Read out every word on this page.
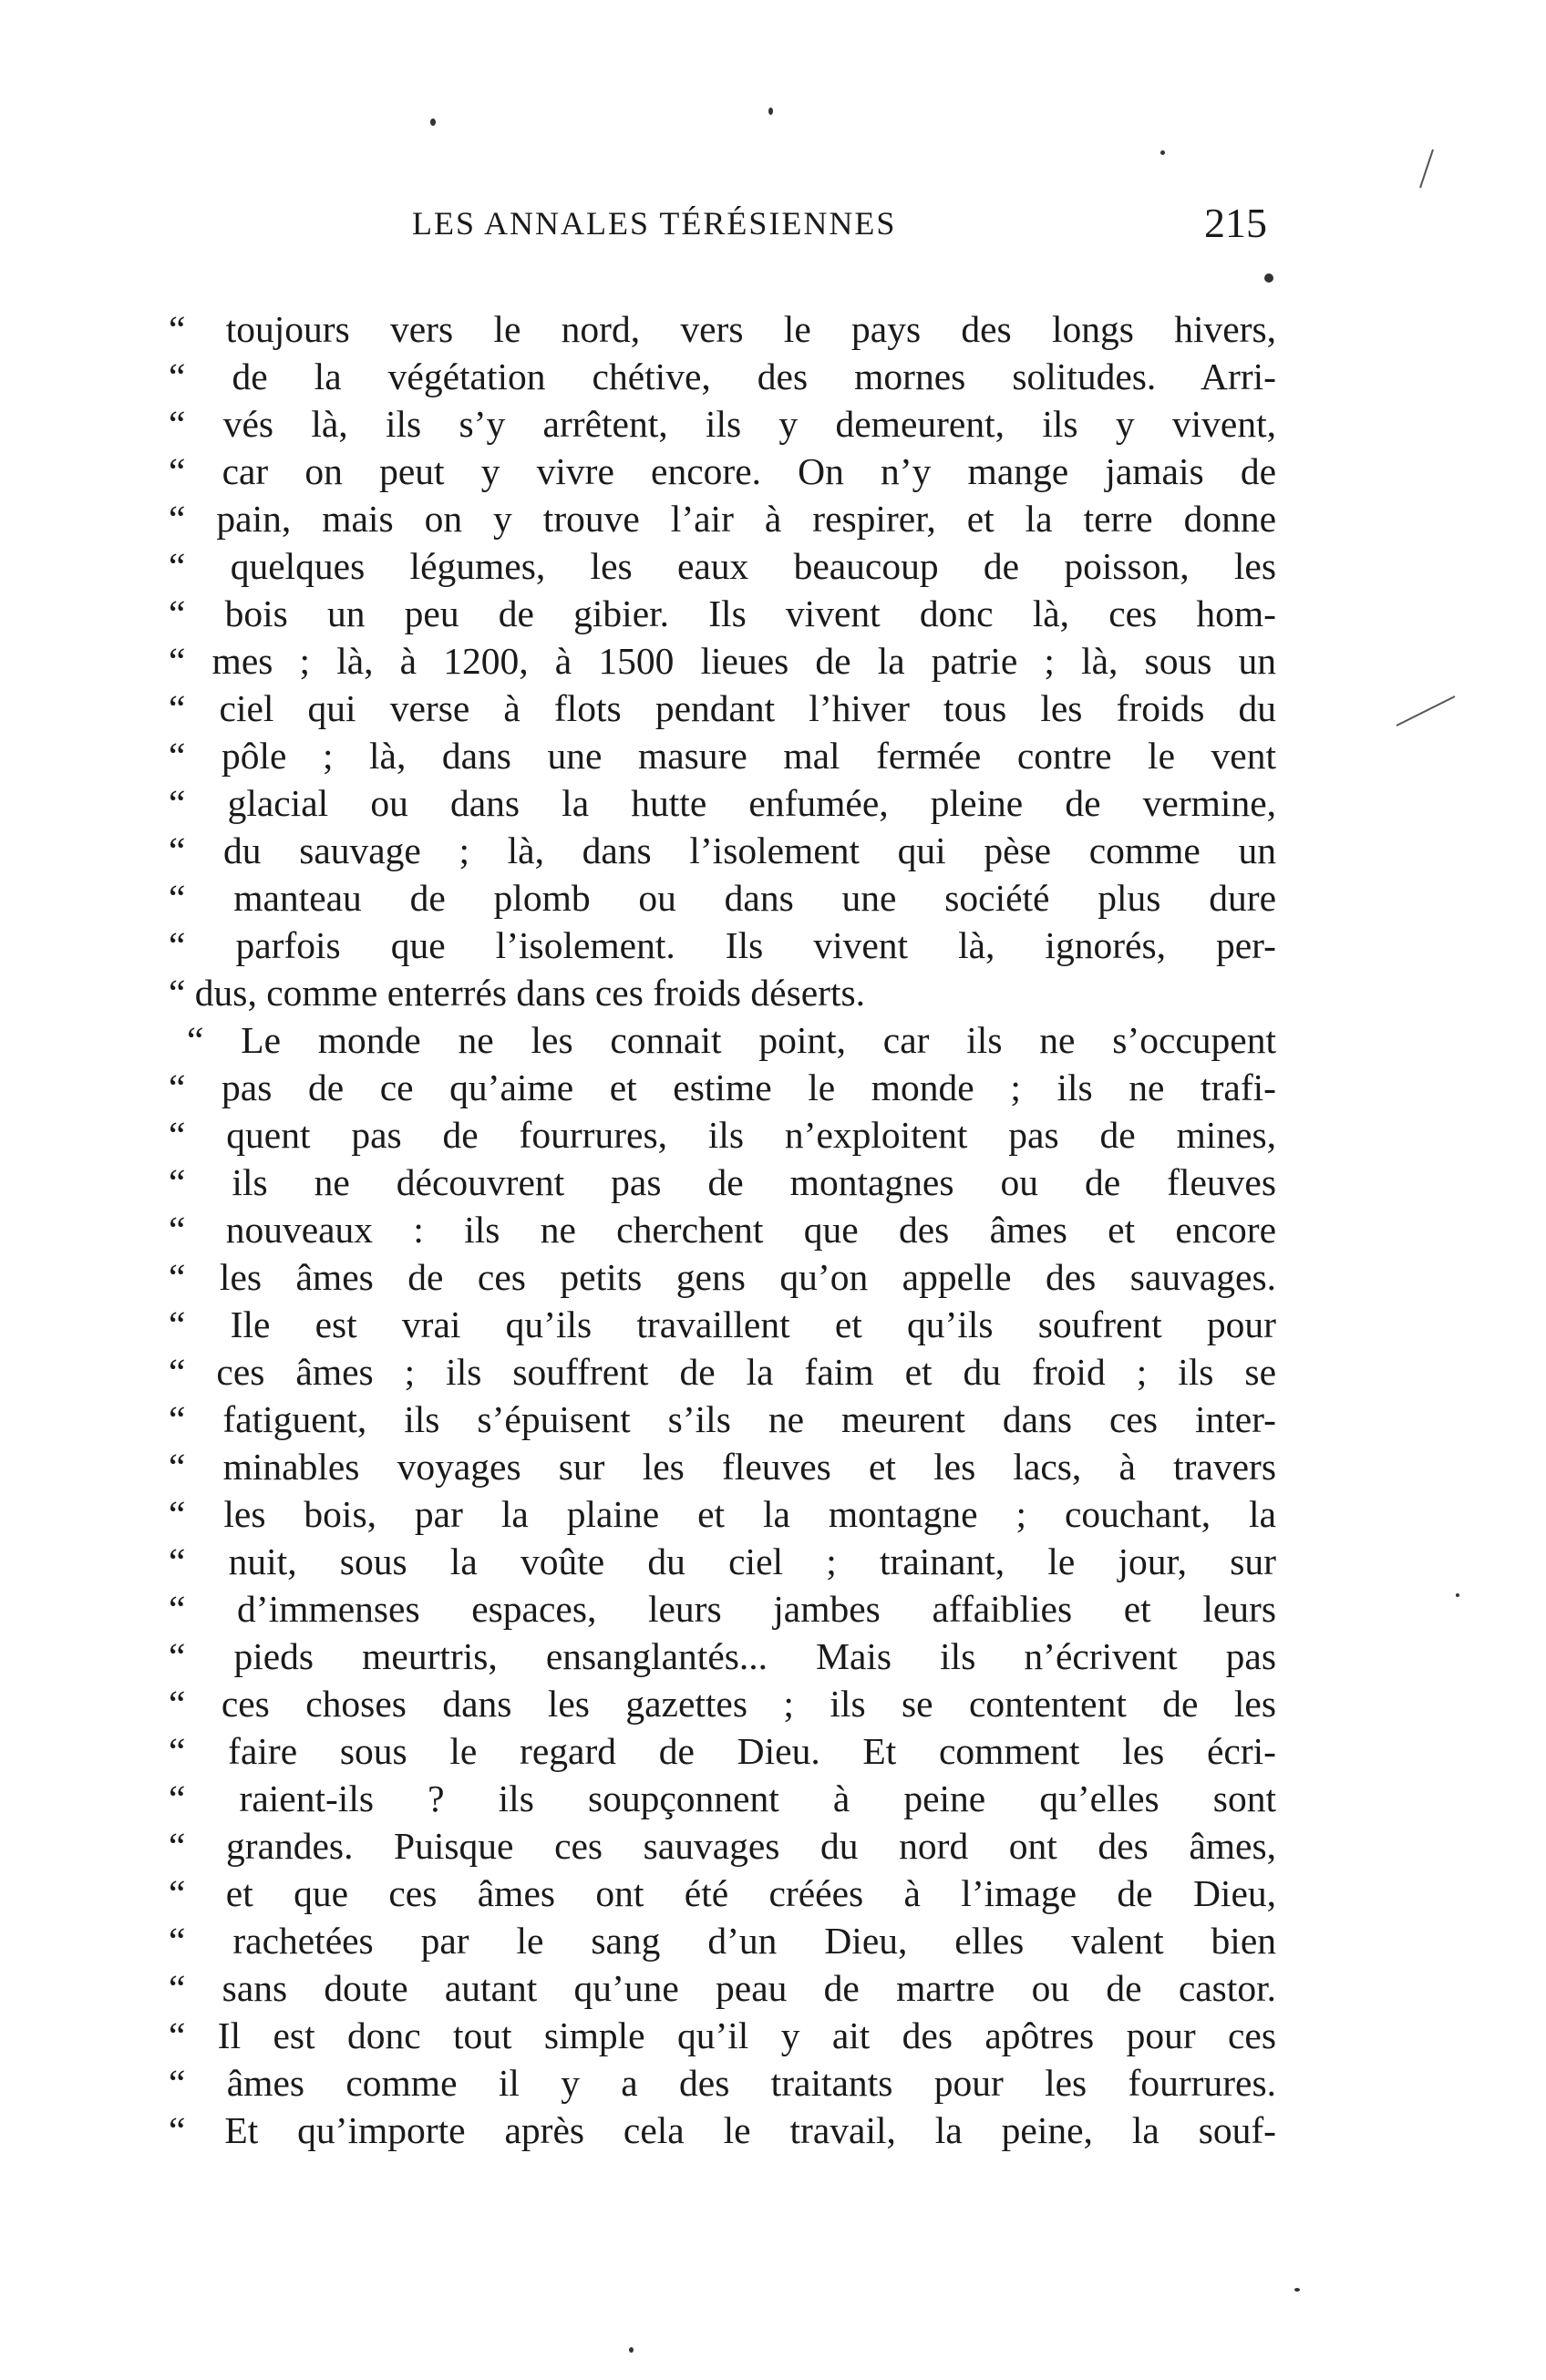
LES ANNALES TÉRÉSIENNES	215
“ toujours vers le nord, vers le pays des longs hivers,
“ de la végétation chétive, des mornes solitudes. Arri-
“ vés là, ils s’y arrêtent, ils y demeurent, ils y vivent,
“ car on peut y vivre encore. On n’y mange jamais de
“ pain, mais on y trouve l’air à respirer, et la terre donne
“ quelques légumes, les eaux beaucoup de poisson, les
“ bois un peu de gibier. Ils vivent donc là, ces hom-
“ mes ; là, à 1200, à 1500 lieues de la patrie ; là, sous un
“ ciel qui verse à flots pendant l’hiver tous les froids du
“ pôle ; là, dans une masure mal fermée contre le vent
“ glacial ou dans la hutte enfumée, pleine de vermine,
“ du sauvage ; là, dans l’isolement qui pèse comme un
“ manteau de plomb ou dans une société plus dure
“ parfois que l’isolement. Ils vivent là, ignorés, per-
“ dus, comme enterrés dans ces froids déserts.
“ Le monde ne les connait point, car ils ne s’occupent
“ pas de ce qu’aime et estime le monde ; ils ne trafi-
“ quent pas de fourrures, ils n’exploitent pas de mines,
“ ils ne découvrent pas de montagnes ou de fleuves
“ nouveaux : ils ne cherchent que des âmes et encore
“ les âmes de ces petits gens qu’on appelle des sauvages.
“ Ile est vrai qu’ils travaillent et qu’ils soufrent pour
“ ces âmes ; ils souffrent de la faim et du froid ; ils se
“ fatiguent, ils s’épuisent s’ils ne meurent dans ces inter-
“ minables voyages sur les fleuves et les lacs, à travers
“ les bois, par la plaine et la montagne ; couchant, la
“ nuit, sous la voûte du ciel ; trainant, le jour, sur
“ d’immenses espaces, leurs jambes affaiblies et leurs
“ pieds meurtris, ensanglantés... Mais ils n’écrivent pas
“ ces choses dans les gazettes ; ils se contentent de les
“ faire sous le regard de Dieu. Et comment les écri-
“ raient-ils ? ils soupçonnent à peine qu’elles sont
“ grandes. Puisque ces sauvages du nord ont des âmes,
“ et que ces âmes ont été créées à l’image de Dieu,
“ rachetées par le sang d’un Dieu, elles valent bien
“ sans doute autant qu’une peau de martre ou de castor.
“ Il est donc tout simple qu’il y ait des apôtres pour ces
“ âmes comme il y a des traitants pour les fourrures.
“ Et qu’importe après cela le travail, la peine, la souf-
